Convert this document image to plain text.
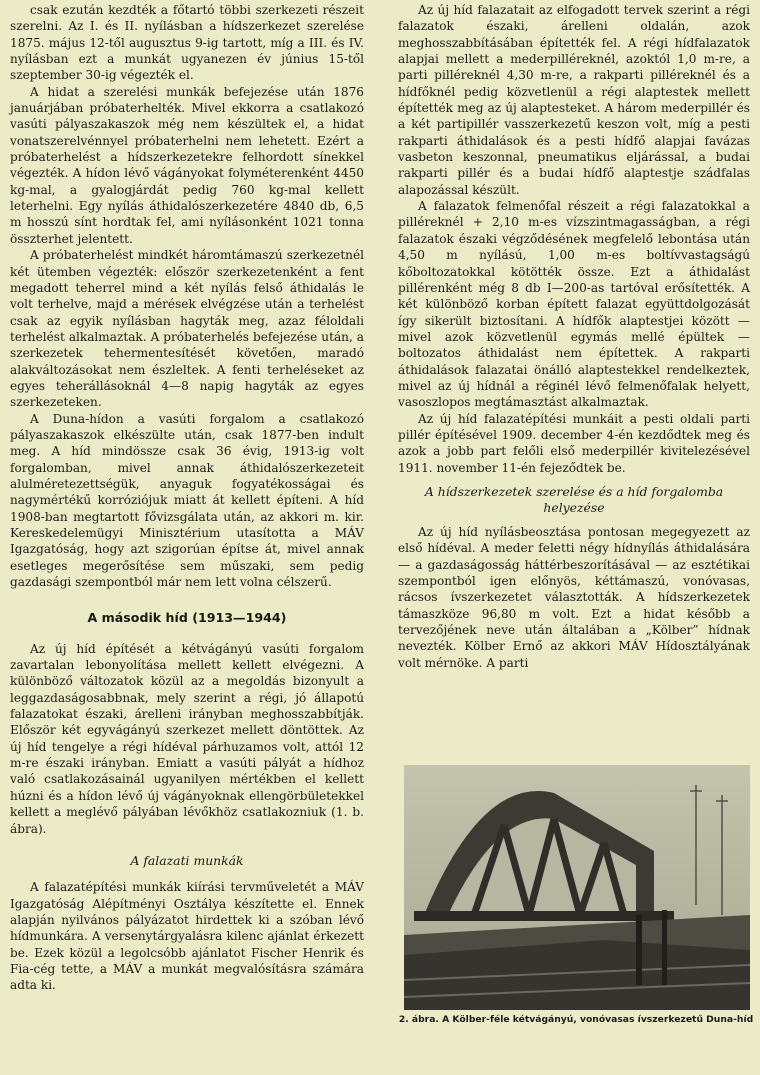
csak ezután kezdték a főtartó többi szerkezeti részeit szerelni. Az I. és II. nyílásban a hídszerkezet szerelése 1875. május 12-től augusztus 9-ig tartott, míg a III. és IV. nyílásban ezt a munkát ugyanezen év június 15-től szeptember 30-ig végezték el.

A hidat a szerelési munkák befejezése után 1876 januárjában próbaterhelték. Mivel ekkorra a csatlakozó vasúti pályaszakaszok még nem készültek el, a hidat vonatszerelvénnyel próbaterhelni nem lehetett. Ezért a próbaterhelést a hídszerkezetekre felhordott sínekkel végezték. A hídon lévő vágányokat folyméterenként 4450 kg-mal, a gyalogjárdát pedig 760 kg-mal kellett leterhelni. Egy nyílás áthidalószerkezetére 4840 db, 6,5 m hosszú sínt hordtak fel, ami nyílásonként 1021 tonna összterhet jelentett.

A próbaterhelést mindkét háromtámaszú szerkezetnél két ütemben végezték: először szerkezetenként a fent megadott teherrel mind a két nyílás felső áthidalás le volt terhelve, majd a mérések elvégzése után a terhelést csak az egyik nyílásban hagyták meg, azaz féloldali terhelést alkalmaztak. A próbaterhelés befejezése után, a szerkezetek tehermentesítését követően, maradó alakváltozásokat nem észleltek. A fenti terheléseket az egyes teherállásoknál 4—8 napig hagyták az egyes szerkezeteken.

A Duna-hídon a vasúti forgalom a csatlakozó pályaszakaszok elkészülte után, csak 1877-ben indult meg. A híd mindössze csak 36 évig, 1913-ig volt forgalomban, mivel annak áthidalószerkezeteit alulméretezettségük, anyaguk fogyatékosságai és nagymértékű korróziójuk miatt át kellett építeni. A híd 1908-ban megtartott fővizsgálata után, az akkori m. kir. Kereskedelemügyi Minisztérium utasította a MÁV Igazgatóság, hogy azt szigorúan építse át, mivel annak esetleges megerősítése sem műszaki, sem pedig gazdasági szempontból már nem lett volna célszerű.

A második híd (1913—1944)

Az új híd építését a kétvágányú vasúti forgalom zavartalan lebonyolítása mellett kellett elvégezni. A különböző változatok közül az a megoldás bizonyult a leggazdaságosabbnak, mely szerint a régi, jó állapotú falazatokat északi, árelleni irányban meghosszabbítják. Először két egyvágányú szerkezet mellett döntöttek. Az új híd tengelye a régi hídéval párhuzamos volt, attól 12 m-re északi irányban. Emiatt a vasúti pályát a hídhoz való csatlakozásainál ugyanilyen mértékben el kellett húzni és a hídon lévő új vágányoknak ellengörbületekkel kellett a meglévő pályában lévőkhöz csatlakozniuk (1. b. ábra).

A falazati munkák

A falazatépítési munkák kiírási tervműveletét a MÁV Igazgatóság Alépítményi Osztálya készítette el. Ennek alapján nyilvános pályázatot hirdettek ki a szóban lévő hídmunkára. A versenytárgyalásra kilenc ajánlat érkezett be. Ezek közül a legolcsóbb ajánlatot Fischer Henrik és Fia-cég tette, a MÁV a munkát megvalósításra számára adta ki.

Az új híd falazatait az elfogadott tervek szerint a régi falazatok északi, árelleni oldalán, azok meghosszabbításában építették fel. A régi hídfalazatok alapjai mellett a mederpilléreknél, azoktól 1,0 m-re, a parti pilléreknél 4,30 m-re, a rakparti pilléreknél és a hídfőknél pedig közvetlenül a régi alaptestek mellett építették meg az új alaptesteket. A három mederpillér és a két partipillér vasszerkezetű keszon volt, míg a pesti rakparti áthidalások és a pesti hídfő alapjai favázas vasbeton keszonnal, pneumatikus eljárással, a budai rakparti pillér és a budai hídfő alaptestje szádfalas alapozással készült.

A falazatok felmenőfal részeit a régi falazatokkal a pilléreknél + 2,10 m-es vízszintmagasságban, a régi falazatok északi végződésének megfelelő lebontása után 4,50 m nyílású, 1,00 m-es boltívvastagságú kőboltozatokkal kötötték össze. Ezt a áthidalást pillérenként még 8 db I—200-as tartóval erősítették. A két különböző korban épített falazat együttdolgozását így sikerült biztosítani. A hídfők alaptestjei között — mivel azok közvetlenül egymás mellé épültek — boltozatos áthidalást nem építettek. A rakparti áthidalások falazatai önálló alaptestekkel rendelkeztek, mivel az új hídnál a réginél lévő felmenőfalak helyett, vasoszlopos megtámasztást alkalmaztak.

Az új híd falazatépítési munkáit a pesti oldali parti pillér építésével 1909. december 4-én kezdődtek meg és azok a jobb part felőli első mederpillér kivitelezésével 1911. november 11-én fejeződtek be.

A hídszerkezetek szerelése és a híd forgalomba helyezése

Az új híd nyílásbeosztása pontosan megegyezett az első hídéval. A meder feletti négy hídnyílás áthidalására — a gazdaságosság háttérbeszorításával — az esztétikai szempontból igen előnyös, kéttámaszú, vonóvasas, rácsos ívszerkezetet választották. A hídszerkezetek támaszköze 96,80 m volt. Ezt a hidat később a tervezőjének neve után általában a „Kölber” hídnak nevezték. Kölber Ernő az akkori MÁV Hídosztályának volt mérnöke. A parti

2. ábra. A Kölber-féle kétvágányú, vonóvasas ívszerkezetű Duna-híd
